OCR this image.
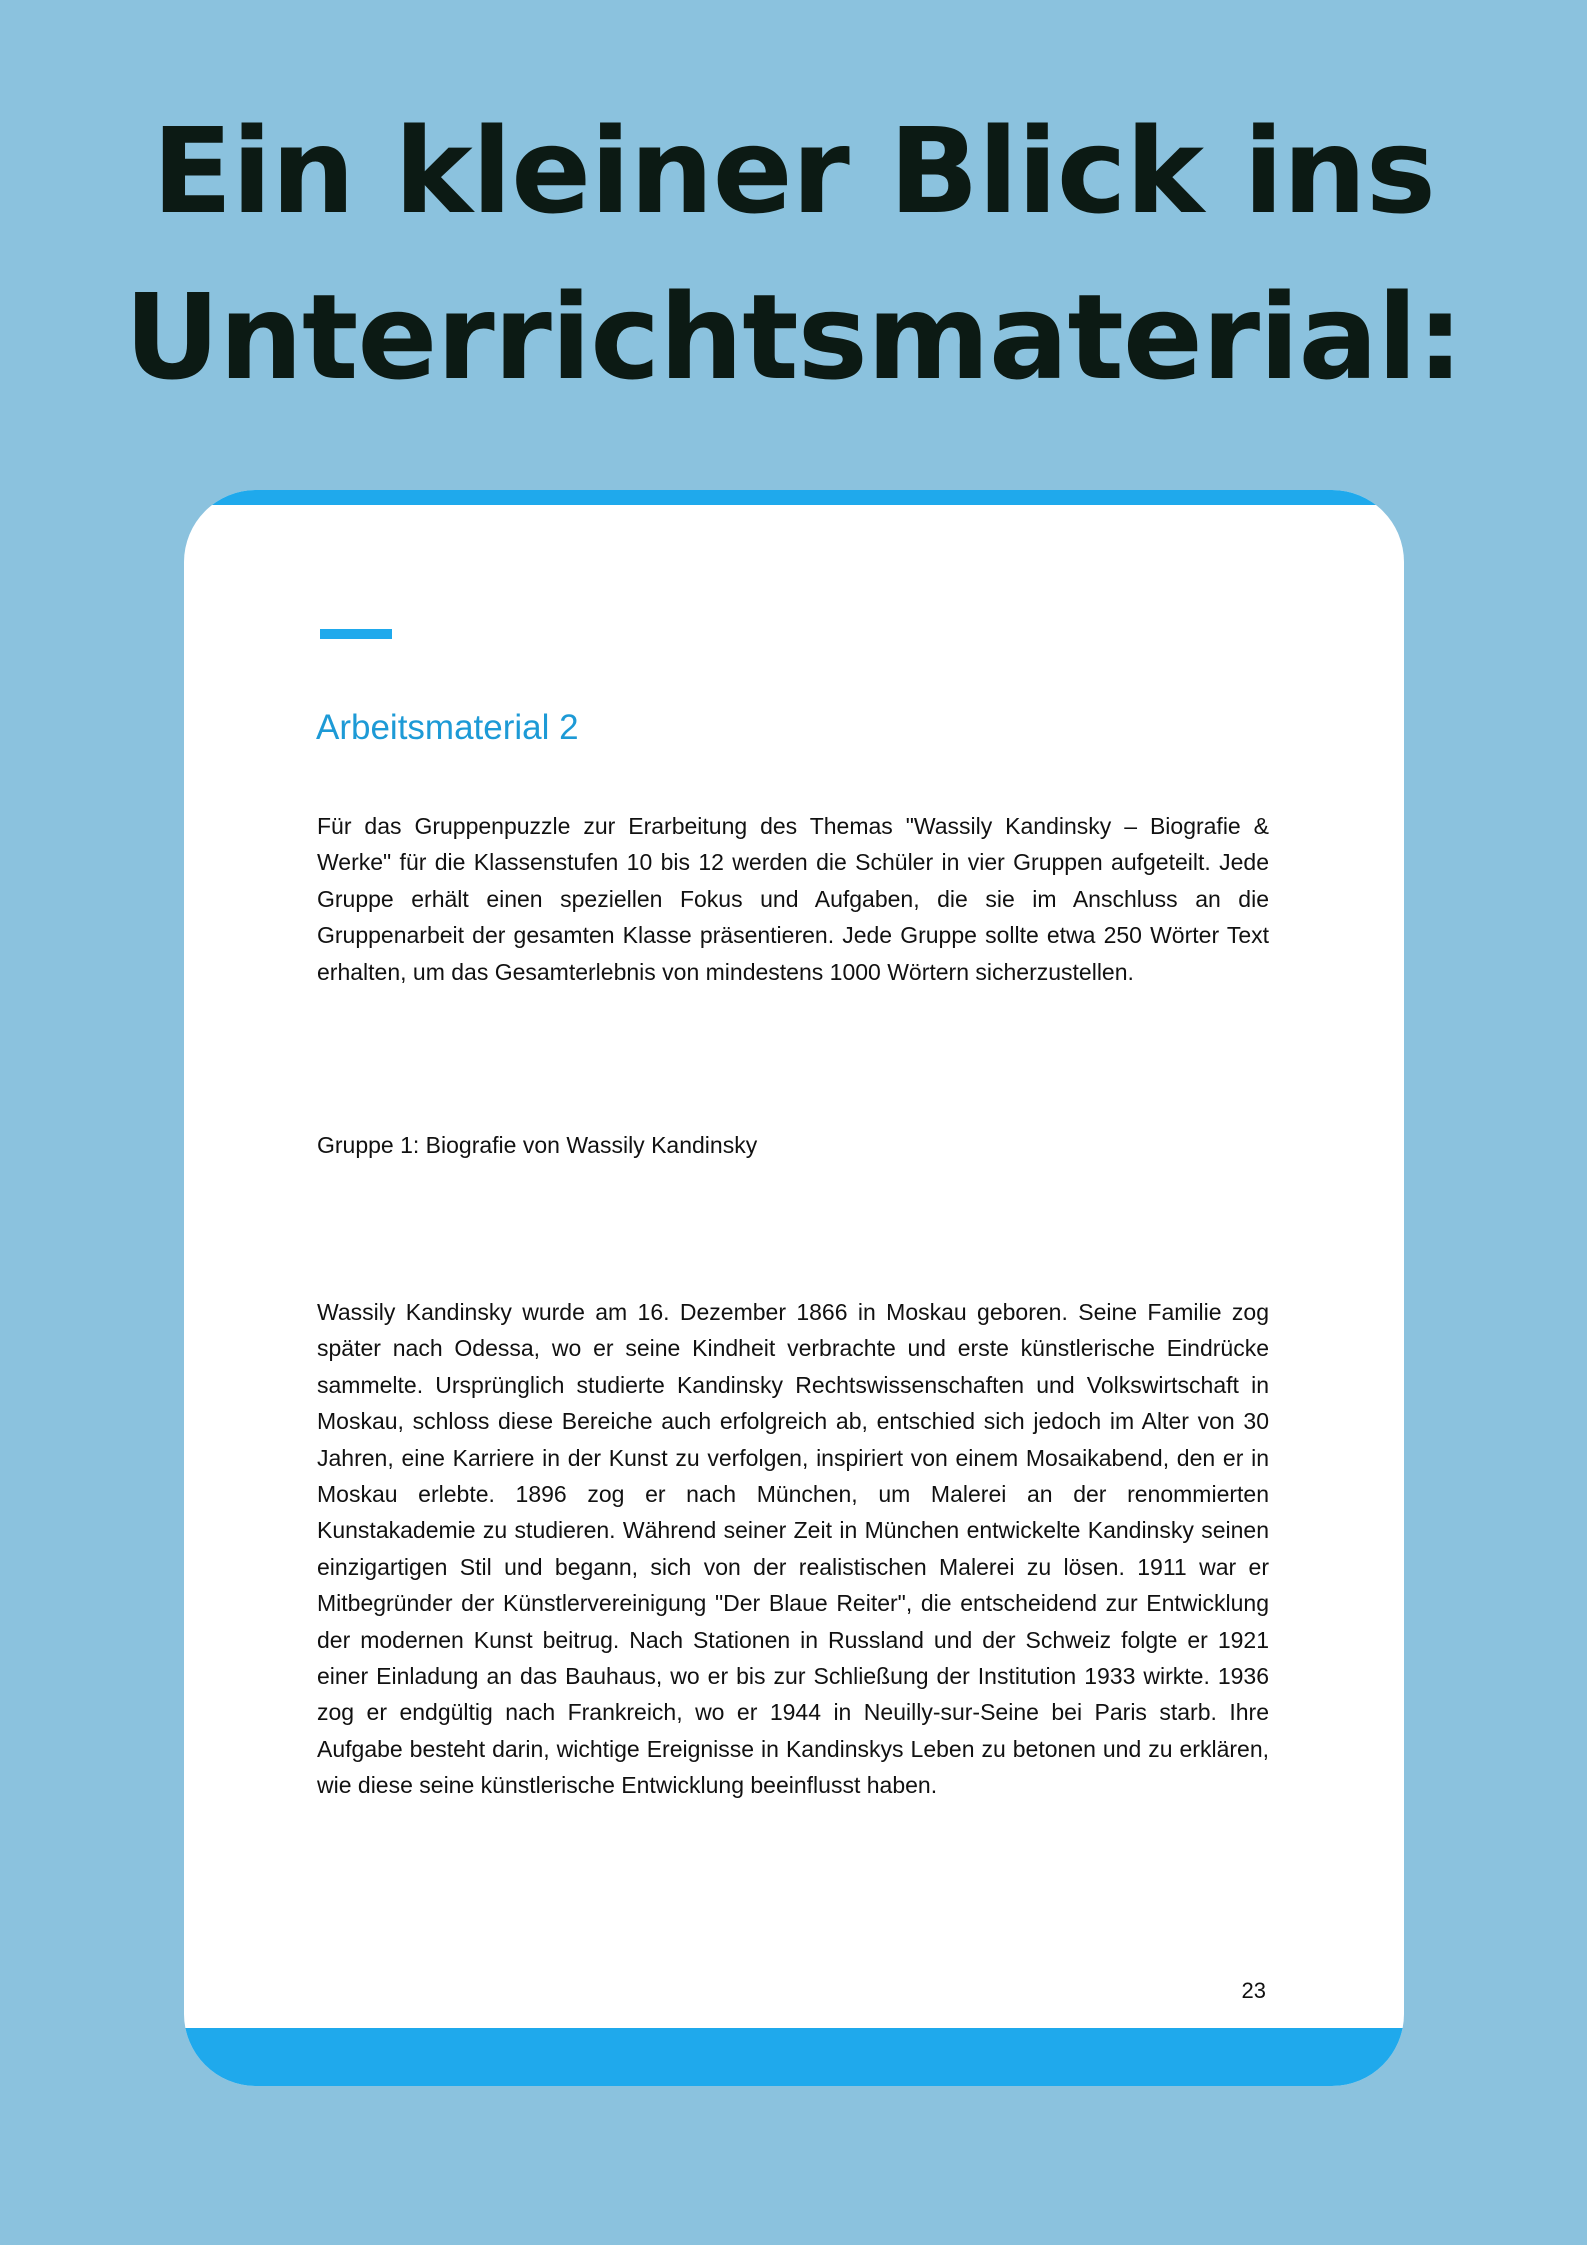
Ein kleiner Blick ins
Unterrichtsmaterial:
Arbeitsmaterial 2

Für das Gruppenpuzzle zur Erarbeitung des Themas "Wassily Kandinsky – Biografie & Werke" für die Klassenstufen 10 bis 12 werden die Schüler in vier Gruppen aufgeteilt. Jede Gruppe erhält einen speziellen Fokus und Aufgaben, die sie im Anschluss an die Gruppenarbeit der gesamten Klasse präsentieren. Jede Gruppe sollte etwa 250 Wörter Text erhalten, um das Gesamterlebnis von mindestens 1000 Wörtern sicherzustellen.

Gruppe 1: Biografie von Wassily Kandinsky

Wassily Kandinsky wurde am 16. Dezember 1866 in Moskau geboren. Seine Familie zog später nach Odessa, wo er seine Kindheit verbrachte und erste künstlerische Eindrücke sammelte. Ursprünglich studierte Kandinsky Rechtswissenschaften und Volkswirtschaft in Moskau, schloss diese Bereiche auch erfolgreich ab, entschied sich jedoch im Alter von 30 Jahren, eine Karriere in der Kunst zu verfolgen, inspiriert von einem Mosaikabend, den er in Moskau erlebte. 1896 zog er nach München, um Malerei an der renommierten Kunstakademie zu studieren. Während seiner Zeit in München entwickelte Kandinsky seinen einzigartigen Stil und begann, sich von der realistischen Malerei zu lösen. 1911 war er Mitbegründer der Künstlervereinigung "Der Blaue Reiter", die entscheidend zur Entwicklung der modernen Kunst beitrug. Nach Stationen in Russland und der Schweiz folgte er 1921 einer Einladung an das Bauhaus, wo er bis zur Schließung der Institution 1933 wirkte. 1936 zog er endgültig nach Frankreich, wo er 1944 in Neuilly-sur-Seine bei Paris starb. Ihre Aufgabe besteht darin, wichtige Ereignisse in Kandinskys Leben zu betonen und zu erklären, wie diese seine künstlerische Entwicklung beeinflusst haben.

23
